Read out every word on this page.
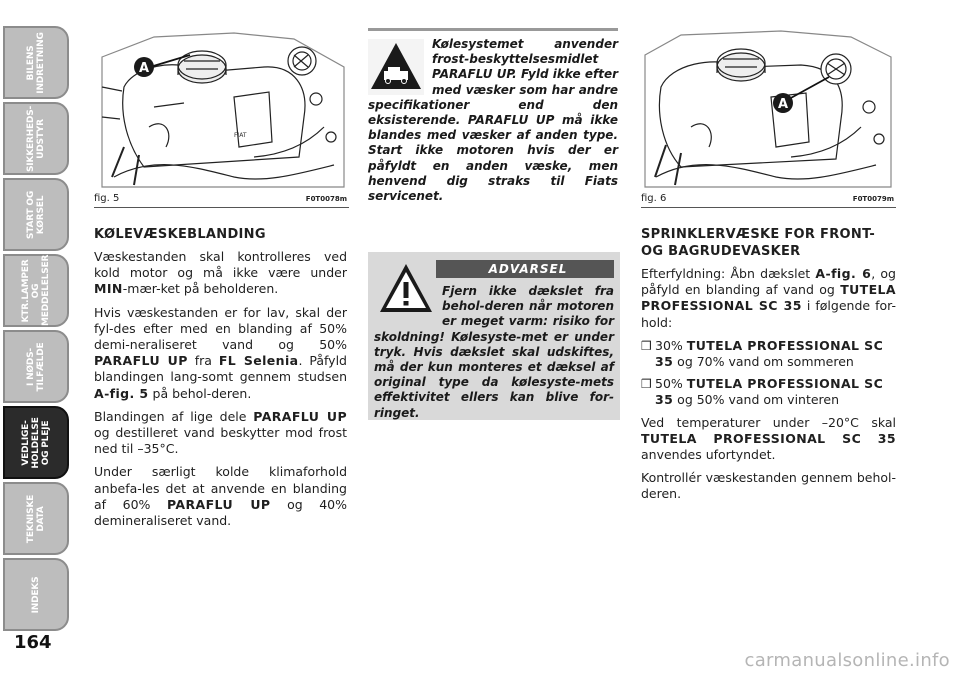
BILENS
INDRETNING
SIKKERHEDS-
UDSTYR
START OG
KØRSEL
KTR.LAMPER
OG
MEDDELELSER
I NØDS-
TILFÆLDE
VEDLIGE-
HOLDELSE
OG PLEJE
TEKNISKE
DATA
INDEKS
164
FIAT
A
fig. 5	F0T0078m
A
fig. 6	F0T0079m
KØLEVÆSKEBLANDING

Væskestanden skal kontrolleres ved kold motor og må ikke være under MIN-mær-ket på beholderen.

Hvis væskestanden er for lav, skal der fyl-des efter med en blanding af 50% demi-neraliseret vand og 50% PARAFLU UP fra FL Selenia. Påfyld blandingen lang-somt gennem studsen A-fig. 5 på behol-deren.

Blandingen af lige dele PARAFLU UP og destilleret vand beskytter mod frost ned til –35°C.

Under særligt kolde klimaforhold anbefa-les det at anvende en blanding af 60% PARAFLU UP og 40% demineraliseret vand.

Kølesystemet anvender frost-beskyttelsesmidlet PARAFLU UP. Fyld ikke efter med væsker som har andre specifikationer end den eksisterende. PARAFLU UP må ikke blandes med væsker af anden type. Start ikke motoren hvis der er påfyldt en anden væske, men henvend dig straks til Fiats servicenet.
ADVARSEL
Fjern ikke dækslet fra behol-deren når motoren er meget varm: risiko for skoldning! Kølesyste-met er under tryk. Hvis dækslet skal udskiftes, må der kun monteres et dæksel af original type da kølesyste-mets effektivitet ellers kan blive for-ringet.
SPRINKLERVÆSKE FOR FRONT- OG BAGRUDEVASKER

Efterfyldning: Åbn dækslet A-fig. 6, og påfyld en blanding af vand og TUTELA PROFESSIONAL SC 35 i følgende for-hold:

❒ 30% TUTELA PROFESSIONAL SC 35 og 70% vand om sommeren
❒ 50% TUTELA PROFESSIONAL SC 35 og 50% vand om vinteren

Ved temperaturer under –20°C skal TUTELA PROFESSIONAL SC 35 anvendes ufortyndet.

Kontrollér væskestanden gennem behol-deren.

carmanualsonline.info
